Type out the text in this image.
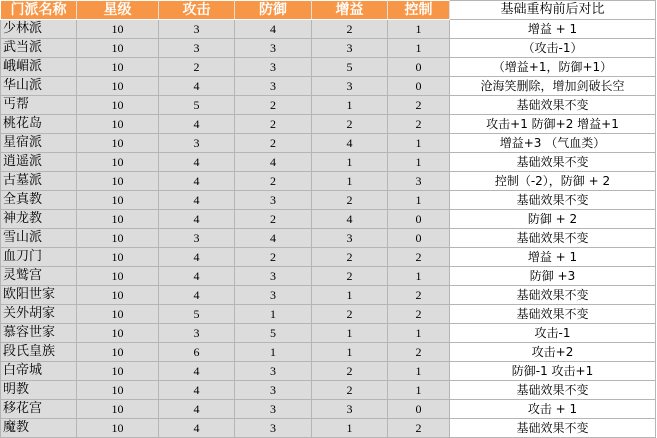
门派名称	星级	攻击	防御	增益	控制	基础重构前后对比
少林派	10	3	4	2	1	增益 + 1
武当派	10	3	3	3	1	（攻击-1）
峨嵋派	10	2	3	5	0	（增益+1，防御+1）
华山派	10	4	3	3	0	沧海笑删除，增加剑破长空
丐帮	10	5	2	1	2	基础效果不变
桃花岛	10	4	2	2	2	攻击+1 防御+2 增益+1
星宿派	10	3	2	4	1	增益+3 （气血类）
逍遥派	10	4	4	1	1	基础效果不变
古墓派	10	4	2	1	3	控制（-2），防御 + 2
全真教	10	4	3	2	1	基础效果不变
神龙教	10	4	2	4	0	防御 + 2
雪山派	10	3	4	3	0	基础效果不变
血刀门	10	4	2	2	2	增益 + 1
灵鹫宫	10	4	3	2	1	防御 +3
欧阳世家	10	4	3	1	2	基础效果不变
关外胡家	10	5	1	2	2	基础效果不变
慕容世家	10	3	5	1	1	攻击-1
段氏皇族	10	6	1	1	2	攻击+2
白帝城	10	4	3	2	1	防御-1 攻击+1
明教	10	4	3	2	1	基础效果不变
移花宫	10	4	3	3	0	攻击 + 1
魔教	10	4	3	1	2	基础效果不变
